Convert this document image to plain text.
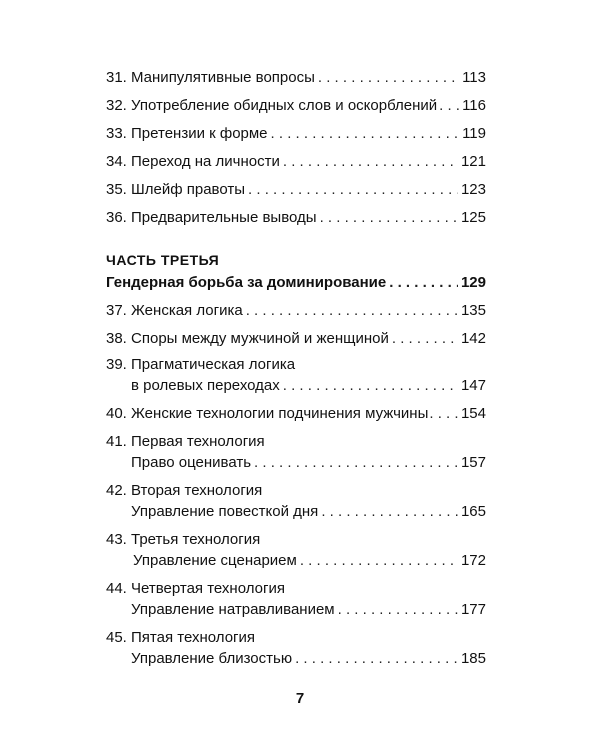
31. Манипулятивные вопросы . . .	113
32. Употребление обидных слов и оскорблений . . . 116
33. Претензии к форме . . .	119
34. Переход на личности . . .	121
35. Шлейф правоты . . .	123
36. Предварительные выводы . . .	125
ЧАСТЬ ТРЕТЬЯ
Гендерная борьба за доминирование . . .	129
37. Женская логика . . .	135
38. Споры между мужчиной и женщиной . . .	142
39. Прагматическая логика
в ролевых переходах . . .	147
40. Женские технологии подчинения мужчины . . . 154
41. Первая технология
Право оценивать . . .	157
42. Вторая технология
Управление повесткой дня . . .	165
43. Третья технология
Управление сценарием . . .	172
44. Четвертая технология
Управление натравливанием . . .	177
45. Пятая технология
Управление близостью . . .	185
7
